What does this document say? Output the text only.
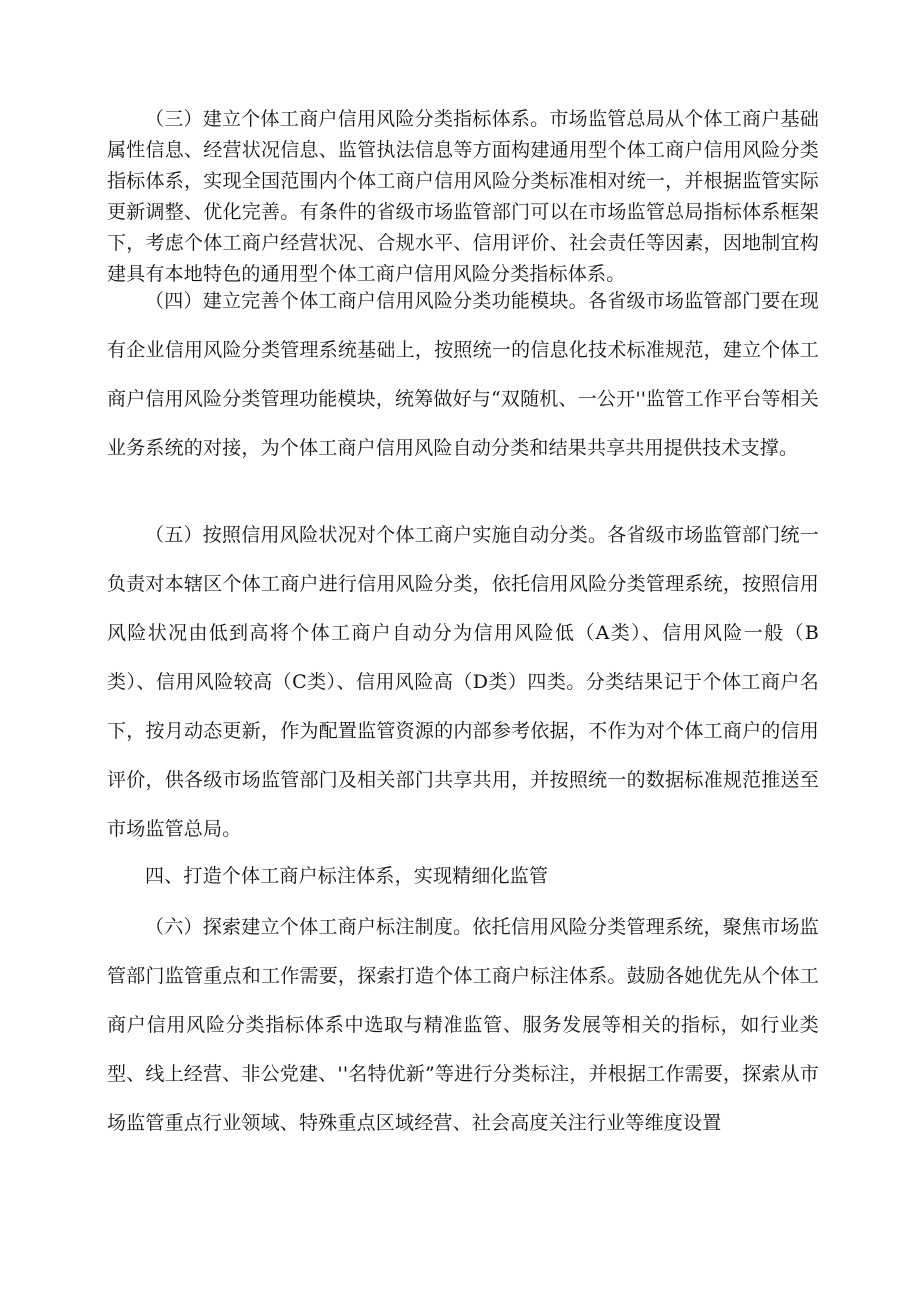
（三）建立个体工商户信用风险分类指标体系。市场监管总局从个体工商户基础属性信息、经营状况信息、监管执法信息等方面构建通用型个体工商户信用风险分类指标体系，实现全国范围内个体工商户信用风险分类标准相对统一，并根据监管实际更新调整、优化完善。有条件的省级市场监管部门可以在市场监管总局指标体系框架下，考虑个体工商户经营状况、合规水平、信用评价、社会责任等因素，因地制宜构建具有本地特色的通用型个体工商户信用风险分类指标体系。

（四）建立完善个体工商户信用风险分类功能模块。各省级市场监管部门要在现有企业信用风险分类管理系统基础上，按照统一的信息化技术标准规范，建立个体工商户信用风险分类管理功能模块，统筹做好与“双随机、一公开''监管工作平台等相关业务系统的对接，为个体工商户信用风险自动分类和结果共享共用提供技术支撑。

（五）按照信用风险状况对个体工商户实施自动分类。各省级市场监管部门统一负责对本辖区个体工商户进行信用风险分类，依托信用风险分类管理系统，按照信用风险状况由低到高将个体工商户自动分为信用风险低（A类）、信用风险一般（B类）、信用风险较高（C类）、信用风险高（D类）四类。分类结果记于个体工商户名下，按月动态更新，作为配置监管资源的内部参考依据，不作为对个体工商户的信用评价，供各级市场监管部门及相关部门共享共用，并按照统一的数据标准规范推送至市场监管总局。

四、打造个体工商户标注体系，实现精细化监管

（六）探索建立个体工商户标注制度。依托信用风险分类管理系统，聚焦市场监管部门监管重点和工作需要，探索打造个体工商户标注体系。鼓励各她优先从个体工商户信用风险分类指标体系中选取与精准监管、服务发展等相关的指标，如行业类型、线上经营、非公党建、''名特优新”等进行分类标注，并根据工作需要，探索从市场监管重点行业领域、特殊重点区域经营、社会高度关注行业等维度设置
